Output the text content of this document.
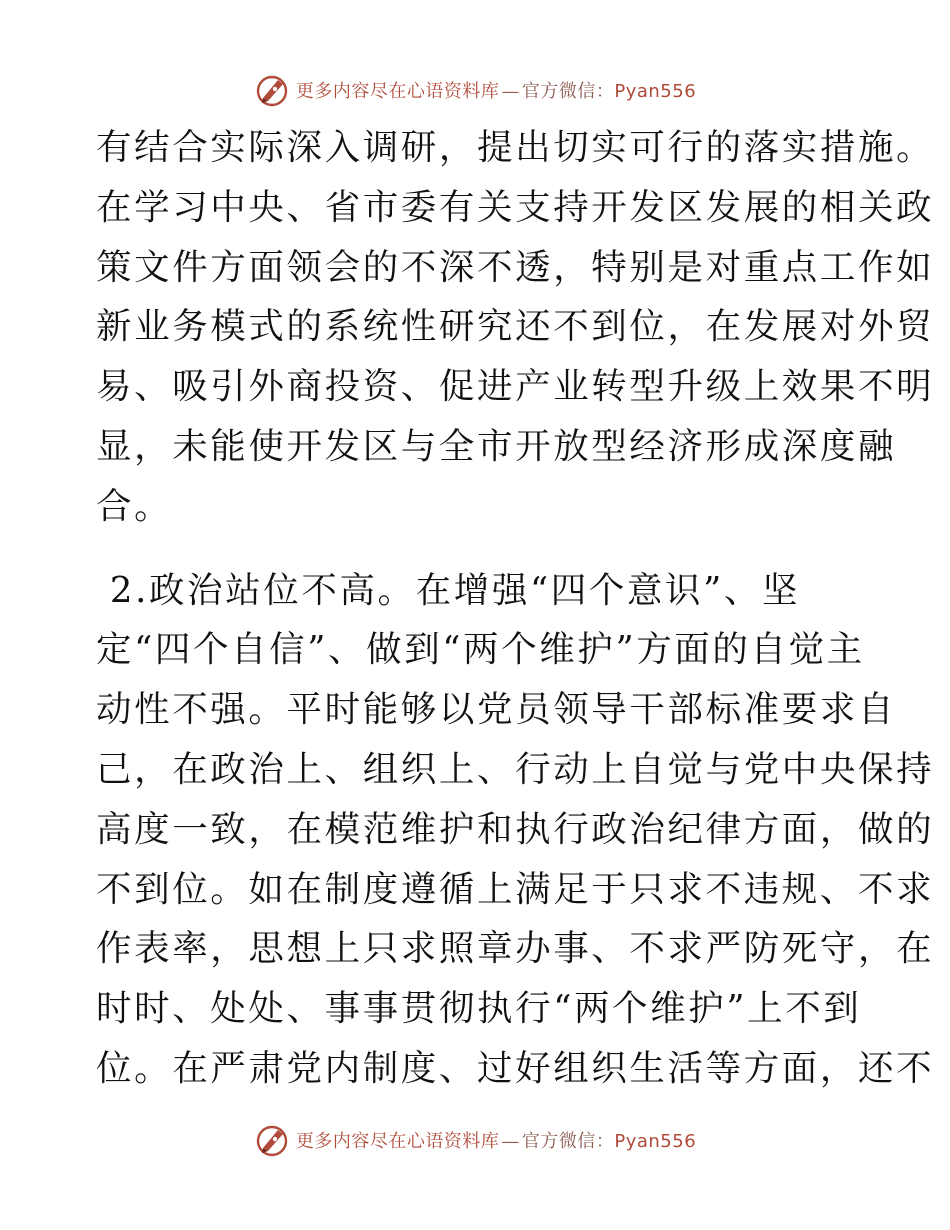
更多内容尽在心语资料库 — 官方微信：Pyan556
有结合实际深入调研，提出切实可行的落实措施。
在学习中央、省市委有关支持开发区发展的相关政
策文件方面领会的不深不透，特别是对重点工作如
新业务模式的系统性研究还不到位，在发展对外贸
易、吸引外商投资、促进产业转型升级上效果不明
显，未能使开发区与全市开放型经济形成深度融
合。
2.政治站位不高。在增强“四个意识”、坚
定“四个自信”、做到“两个维护”方面的自觉主
动性不强。平时能够以党员领导干部标准要求自
己，在政治上、组织上、行动上自觉与党中央保持
高度一致，在模范维护和执行政治纪律方面，做的
不到位。如在制度遵循上满足于只求不违规、不求
作表率，思想上只求照章办事、不求严防死守，在
时时、处处、事事贯彻执行“两个维护”上不到
位。在严肃党内制度、过好组织生活等方面，还不
更多内容尽在心语资料库 — 官方微信：Pyan556
